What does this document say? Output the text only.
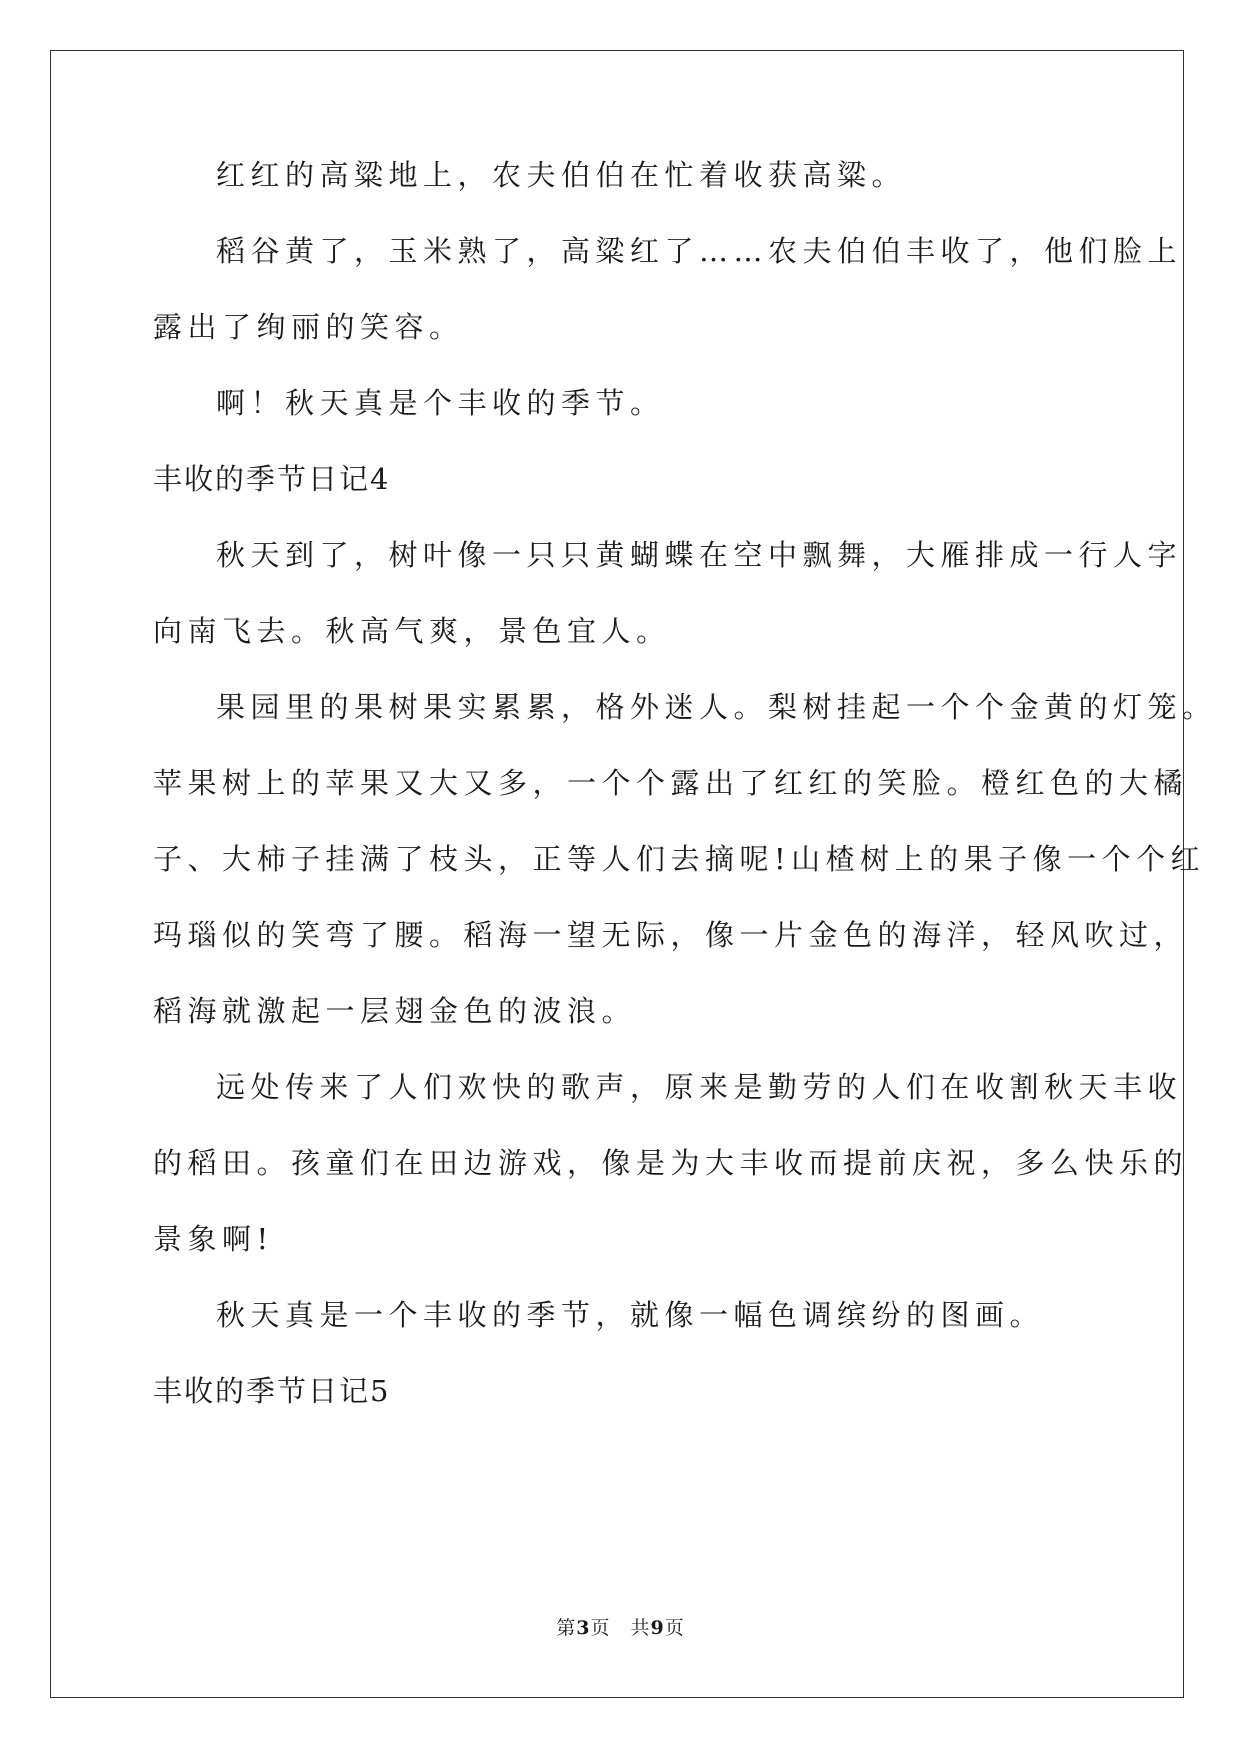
红红的高粱地上，农夫伯伯在忙着收获高粱。
稻谷黄了，玉米熟了，高粱红了……农夫伯伯丰收了，他们脸上
露出了绚丽的笑容。
啊！秋天真是个丰收的季节。
丰收的季节日记4
秋天到了，树叶像一只只黄蝴蝶在空中飘舞，大雁排成一行人字
向南飞去。秋高气爽，景色宜人。
果园里的果树果实累累，格外迷人。梨树挂起一个个金黄的灯笼。
苹果树上的苹果又大又多，一个个露出了红红的笑脸。橙红色的大橘
子、大柿子挂满了枝头，正等人们去摘呢!山楂树上的果子像一个个红
玛瑙似的笑弯了腰。稻海一望无际，像一片金色的海洋，轻风吹过，
稻海就激起一层翅金色的波浪。
远处传来了人们欢快的歌声，原来是勤劳的人们在收割秋天丰收
的稻田。孩童们在田边游戏，像是为大丰收而提前庆祝，多么快乐的
景象啊!
秋天真是一个丰收的季节，就像一幅色调缤纷的图画。
丰收的季节日记5
第3页　共9页
